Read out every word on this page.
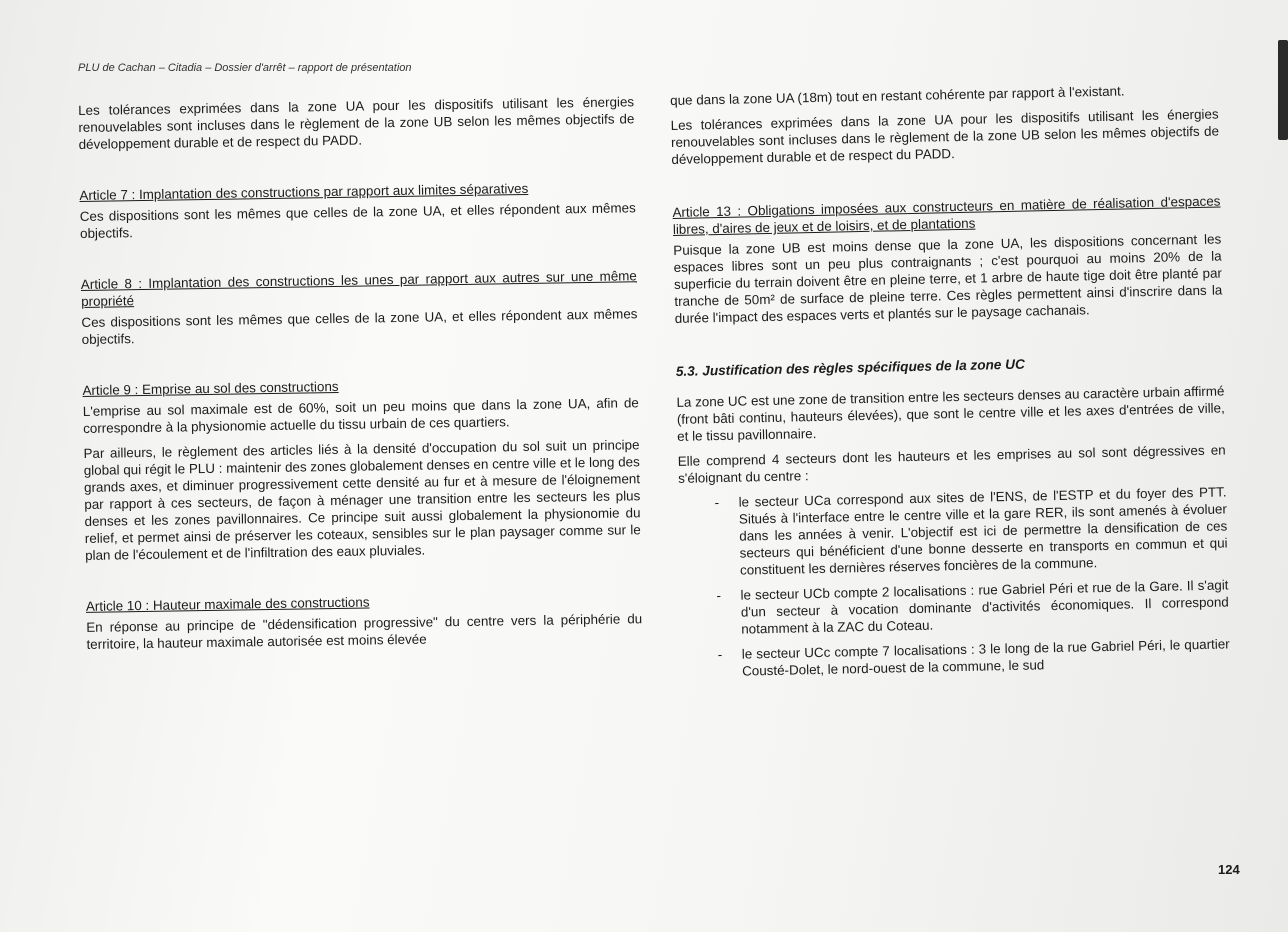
PLU de Cachan – Citadia – Dossier d'arrêt – rapport de présentation

Les tolérances exprimées dans la zone UA pour les dispositifs utilisant les énergies renouvelables sont incluses dans le règlement de la zone UB selon les mêmes objectifs de développement durable et de respect du PADD.

Article 7 : Implantation des constructions par rapport aux limites séparatives

Ces dispositions sont les mêmes que celles de la zone UA, et elles répondent aux mêmes objectifs.

Article 8 : Implantation des constructions les unes par rapport aux autres sur une même propriété

Ces dispositions sont les mêmes que celles de la zone UA, et elles répondent aux mêmes objectifs.

Article 9 : Emprise au sol des constructions

L'emprise au sol maximale est de 60%, soit un peu moins que dans la zone UA, afin de correspondre à la physionomie actuelle du tissu urbain de ces quartiers.

Par ailleurs, le règlement des articles liés à la densité d'occupation du sol suit un principe global qui régit le PLU : maintenir des zones globalement denses en centre ville et le long des grands axes, et diminuer progressivement cette densité au fur et à mesure de l'éloignement par rapport à ces secteurs, de façon à ménager une transition entre les secteurs les plus denses et les zones pavillonnaires. Ce principe suit aussi globalement la physionomie du relief, et permet ainsi de préserver les coteaux, sensibles sur le plan paysager comme sur le plan de l'écoulement et de l'infiltration des eaux pluviales.

Article 10 : Hauteur maximale des constructions

En réponse au principe de "dédensification progressive" du centre vers la périphérie du territoire, la hauteur maximale autorisée est moins élevée

que dans la zone UA (18m) tout en restant cohérente par rapport à l'existant.

Les tolérances exprimées dans la zone UA pour les dispositifs utilisant les énergies renouvelables sont incluses dans le règlement de la zone UB selon les mêmes objectifs de développement durable et de respect du PADD.

Article 13 : Obligations imposées aux constructeurs en matière de réalisation d'espaces libres, d'aires de jeux et de loisirs, et de plantations

Puisque la zone UB est moins dense que la zone UA, les dispositions concernant les espaces libres sont un peu plus contraignants ; c'est pourquoi au moins 20% de la superficie du terrain doivent être en pleine terre, et 1 arbre de haute tige doit être planté par tranche de 50m² de surface de pleine terre. Ces règles permettent ainsi d'inscrire dans la durée l'impact des espaces verts et plantés sur le paysage cachanais.

5.3. Justification des règles spécifiques de la zone UC

La zone UC est une zone de transition entre les secteurs denses au caractère urbain affirmé (front bâti continu, hauteurs élevées), que sont le centre ville et les axes d'entrées de ville, et le tissu pavillonnaire.

Elle comprend 4 secteurs dont les hauteurs et les emprises au sol sont dégressives en s'éloignant du centre :

- le secteur UCa correspond aux sites de l'ENS, de l'ESTP et du foyer des PTT. Situés à l'interface entre le centre ville et la gare RER, ils sont amenés à évoluer dans les années à venir. L'objectif est ici de permettre la densification de ces secteurs qui bénéficient d'une bonne desserte en transports en commun et qui constituent les dernières réserves foncières de la commune.
- le secteur UCb compte 2 localisations : rue Gabriel Péri et rue de la Gare. Il s'agit d'un secteur à vocation dominante d'activités économiques. Il correspond notamment à la ZAC du Coteau.
- le secteur UCc compte 7 localisations : 3 le long de la rue Gabriel Péri, le quartier Cousté-Dolet, le nord-ouest de la commune, le sud
124
